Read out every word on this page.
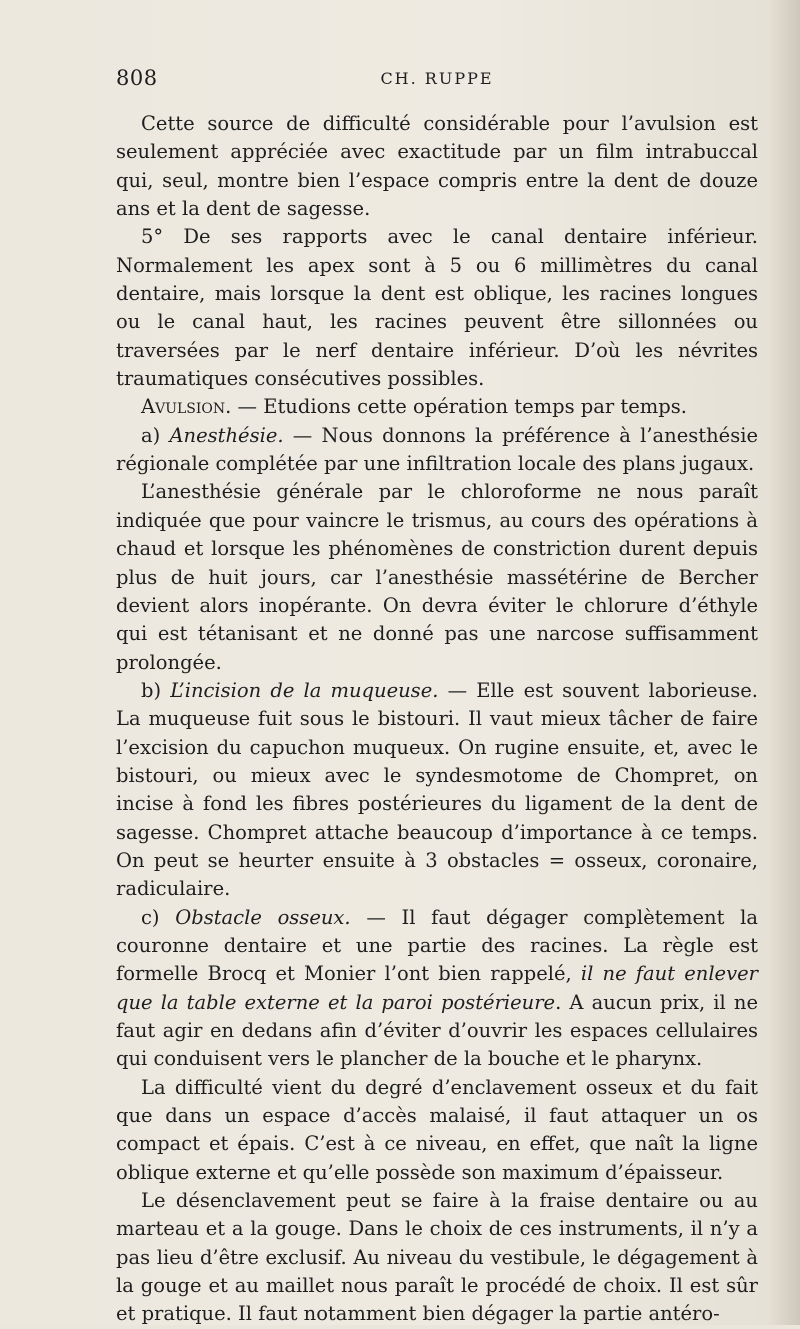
808	CH. RUPPE

Cette source de difficulté considérable pour l’avulsion est seulement appréciée avec exactitude par un film intrabuccal qui, seul, montre bien l’espace compris entre la dent de douze ans et la dent de sagesse.

5° De ses rapports avec le canal dentaire inférieur. Normalement les apex sont à 5 ou 6 millimètres du canal dentaire, mais lorsque la dent est oblique, les racines longues ou le canal haut, les racines peuvent être sillonnées ou traversées par le nerf dentaire inférieur. D’où les névrites traumatiques consécutives possibles.

Avulsion. — Etudions cette opération temps par temps.

a) Anesthésie. — Nous donnons la préférence à l’anesthésie régionale complétée par une infiltration locale des plans jugaux.

L’anesthésie générale par le chloroforme ne nous paraît indiquée que pour vaincre le trismus, au cours des opérations à chaud et lorsque les phénomènes de constriction durent depuis plus de huit jours, car l’anesthésie massétérine de Bercher devient alors inopérante. On devra éviter le chlorure d’éthyle qui est tétanisant et ne donné pas une narcose suffisamment prolongée.

b) L’incision de la muqueuse. — Elle est souvent laborieuse. La muqueuse fuit sous le bistouri. Il vaut mieux tâcher de faire l’excision du capuchon muqueux. On rugine ensuite, et, avec le bistouri, ou mieux avec le syndesmotome de Chompret, on incise à fond les fibres postérieures du ligament de la dent de sagesse. Chompret attache beaucoup d’importance à ce temps. On peut se heurter ensuite à 3 obstacles = osseux, coronaire, radiculaire.

c) Obstacle osseux. — Il faut dégager complètement la couronne dentaire et une partie des racines. La règle est formelle Brocq et Monier l’ont bien rappelé, il ne faut enlever que la table externe et la paroi postérieure. A aucun prix, il ne faut agir en dedans afin d’éviter d’ouvrir les espaces cellulaires qui conduisent vers le plancher de la bouche et le pharynx.

La difficulté vient du degré d’enclavement osseux et du fait que dans un espace d’accès malaisé, il faut attaquer un os compact et épais. C’est à ce niveau, en effet, que naît la ligne oblique externe et qu’elle possède son maximum d’épaisseur.

Le désenclavement peut se faire à la fraise dentaire ou au marteau et a la gouge. Dans le choix de ces instruments, il n’y a pas lieu d’être exclusif. Au niveau du vestibule, le dégagement à la gouge et au maillet nous paraît le procédé de choix. Il est sûr et pratique. Il faut notamment bien dégager la partie antéro-
